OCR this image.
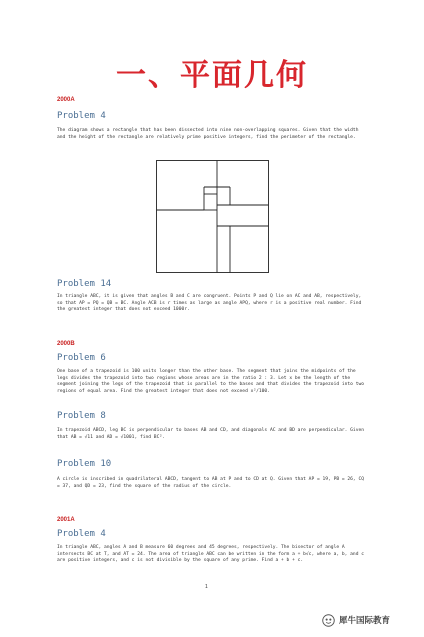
一、平面几何
2000A
Problem 4
The diagram shows a rectangle that has been dissected into nine non-overlapping squares. Given that the width and the height of the rectangle are relatively prime positive integers, find the perimeter of the rectangle.
Problem 14
In triangle ABC, it is given that angles B and C are congruent. Points P and Q lie on AC and AB, respectively, so that AP = PQ = QB = BC. Angle ACB is r times as large as angle APQ, where r is a positive real number. Find the greatest integer that does not exceed 1000r.
2000B
Problem 6
One base of a trapezoid is 100 units longer than the other base. The segment that joins the midpoints of the legs divides the trapezoid into two regions whose areas are in the ratio 2 : 3. Let x be the length of the segment joining the legs of the trapezoid that is parallel to the bases and that divides the trapezoid into two regions of equal area. Find the greatest integer that does not exceed x²/100.
Problem 8
In trapezoid ABCD, leg BC is perpendicular to bases AB and CD, and diagonals AC and BD are perpendicular. Given that AB = √11 and AD = √1001, find BC².
Problem 10
A circle is inscribed in quadrilateral ABCD, tangent to AB at P and to CD at Q. Given that AP = 19, PB = 26, CQ = 37, and QD = 23, find the square of the radius of the circle.
2001A
Problem 4
In triangle ABC, angles A and B measure 60 degrees and 45 degrees, respectively. The bisector of angle A intersects BC at T, and AT = 24. The area of triangle ABC can be written in the form a + b√c, where a, b, and c are positive integers, and c is not divisible by the square of any prime. Find a + b + c.
1
犀牛国际教育
